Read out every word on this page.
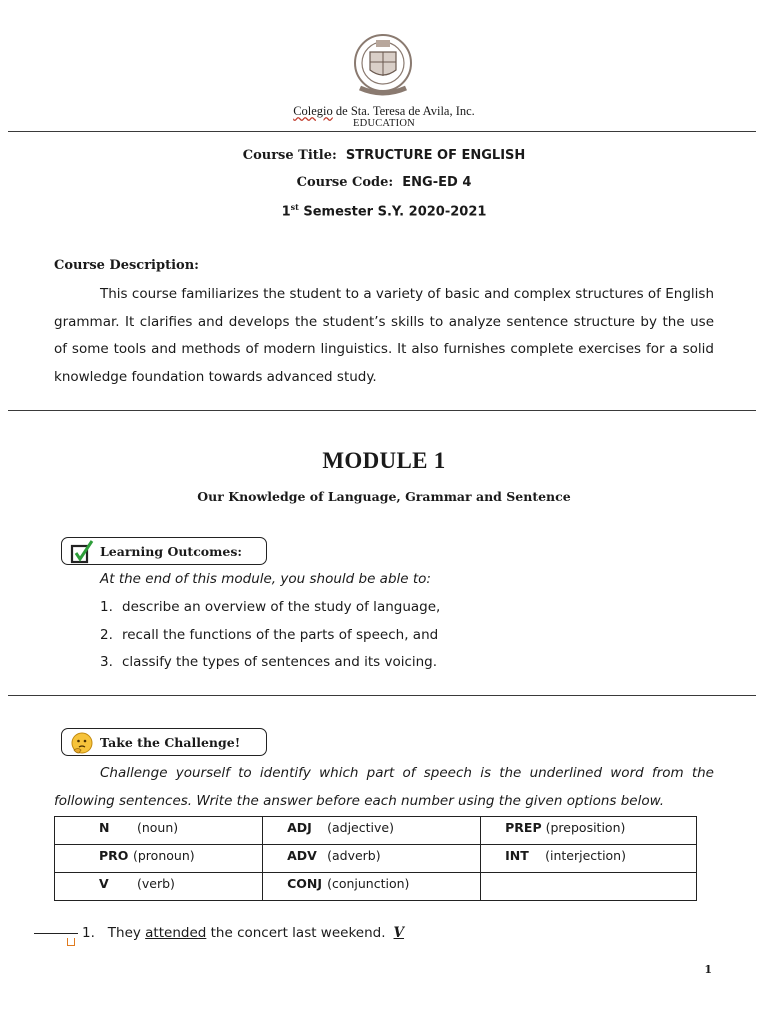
Colegio de Sta. Teresa de Avila, Inc.
EDUCATION
Course Title: STRUCTURE OF ENGLISH
Course Code: ENG-ED 4
1st Semester S.Y. 2020-2021
Course Description:
This course familiarizes the student to a variety of basic and complex structures of English grammar. It clarifies and develops the student’s skills to analyze sentence structure by the use of some tools and methods of modern linguistics. It also furnishes complete exercises for a solid knowledge foundation towards advanced study.
MODULE 1
Our Knowledge of Language, Grammar and Sentence
Learning Outcomes:
At the end of this module, you should be able to:
1. describe an overview of the study of language,
2. recall the functions of the parts of speech, and
3. classify the types of sentences and its voicing.
Take the Challenge!
Challenge yourself to identify which part of speech is the underlined word from the following sentences. Write the answer before each number using the given options below.
N (noun)	ADJ (adjective)	PREP (preposition)
PRO (pronoun)	ADV (adverb)	INT (interjection)
V (verb)	CONJ (conjunction)	
1. They attended the concert last weekend. V
1
